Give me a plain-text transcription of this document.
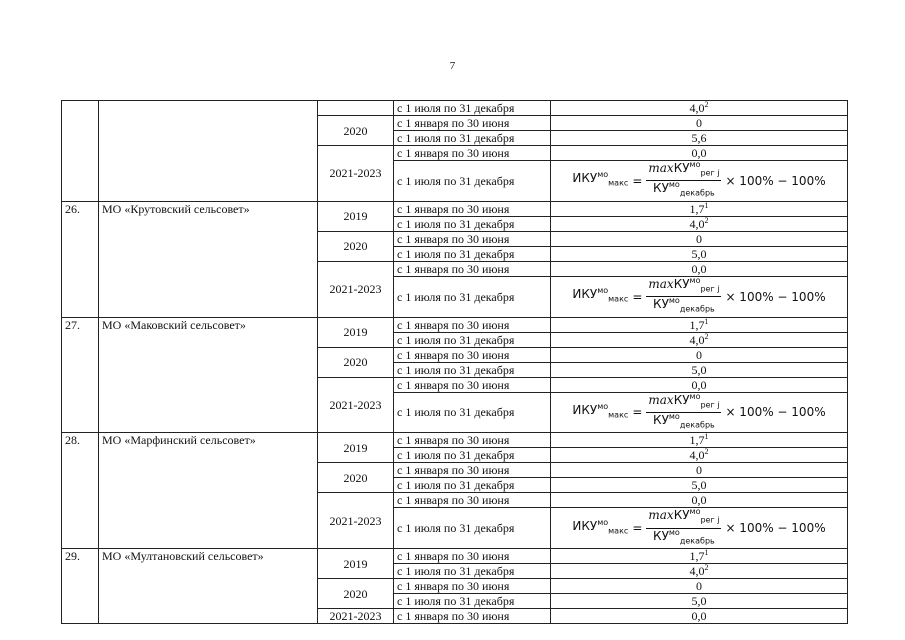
7
			с 1 июля по 31 декабря	$4,0^2$
		2020	с 1 января по 30 июня	0
			с 1 июля по 31 декабря	5,6
		2021-2023	с 1 января по 30 июня	0,0
			с 1 июля по 31 декабря	$ИКУ^{мо}_{макс} = \frac{\max КУ^{мо}_{рег j}}{КУ^{мо}_{декабрь}} \times 100\% - 100\%$

26.	МО «Крутовский сельсовет»	2019	с 1 января по 30 июня	$1,7^1$
			с 1 июля по 31 декабря	$4,0^2$
		2020	с 1 января по 30 июня	0
			с 1 июля по 31 декабря	5,0
		2021-2023	с 1 января по 30 июня	0,0
			с 1 июля по 31 декабря	$ИКУ^{мо}_{макс} = \frac{\max КУ^{мо}_{рег j}}{КУ^{мо}_{декабрь}} \times 100\% - 100\%$

27.	МО «Маковский сельсовет»	2019	с 1 января по 30 июня	$1,7^1$
			с 1 июля по 31 декабря	$4,0^2$
		2020	с 1 января по 30 июня	0
			с 1 июля по 31 декабря	5,0
		2021-2023	с 1 января по 30 июня	0,0
			с 1 июля по 31 декабря	$ИКУ^{мо}_{макс} = \frac{\max КУ^{мо}_{рег j}}{КУ^{мо}_{декабрь}} \times 100\% - 100\%$

28.	МО «Марфинский сельсовет»	2019	с 1 января по 30 июня	$1,7^1$
			с 1 июля по 31 декабря	$4,0^2$
		2020	с 1 января по 30 июня	0
			с 1 июля по 31 декабря	5,0
		2021-2023	с 1 января по 30 июня	0,0
			с 1 июля по 31 декабря	$ИКУ^{мо}_{макс} = \frac{\max КУ^{мо}_{рег j}}{КУ^{мо}_{декабрь}} \times 100\% - 100\%$

29.	МО «Мултановский сельсовет»	2019	с 1 января по 30 июня	$1,7^1$
			с 1 июля по 31 декабря	$4,0^2$
		2020	с 1 января по 30 июня	0
			с 1 июля по 31 декабря	5,0
		2021-2023	с 1 января по 30 июня	0,0
